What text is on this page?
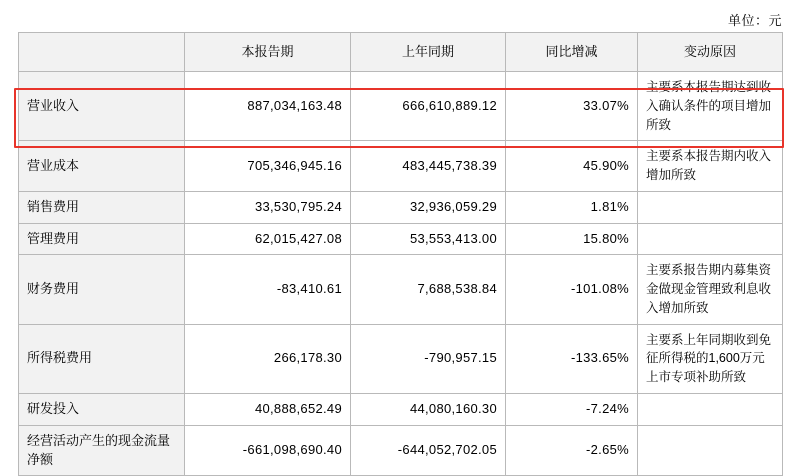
单位：元
	本报告期	上年同期	同比增减	变动原因
营业收入	887,034,163.48	666,610,889.12	33.07%	主要系本报告期达到收入确认条件的项目增加所致
营业成本	705,346,945.16	483,445,738.39	45.90%	主要系本报告期内收入增加所致
销售费用	33,530,795.24	32,936,059.29	1.81%	
管理费用	62,015,427.08	53,553,413.00	15.80%	
财务费用	-83,410.61	7,688,538.84	-101.08%	主要系报告期内募集资金做现金管理致利息收入增加所致
所得税费用	266,178.30	-790,957.15	-133.65%	主要系上年同期收到免征所得税的1,600万元上市专项补助所致
研发投入	40,888,652.49	44,080,160.30	-7.24%	
经营活动产生的现金流量净额	-661,098,690.40	-644,052,702.05	-2.65%	
